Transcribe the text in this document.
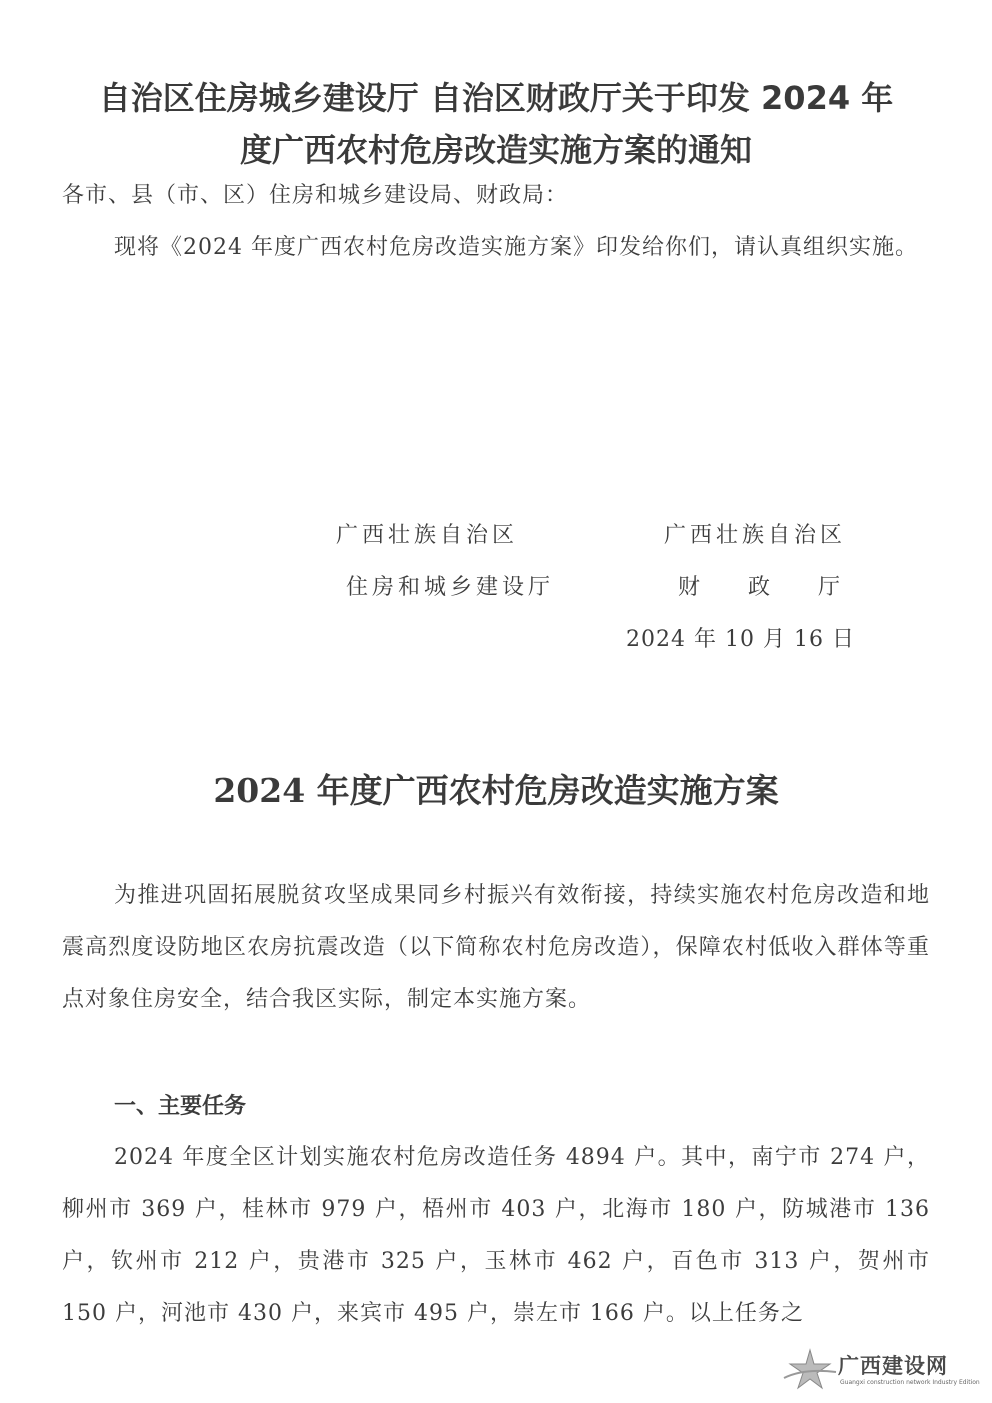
自治区住房城乡建设厅 自治区财政厅关于印发 2024 年
度广西农村危房改造实施方案的通知
各市、县（市、区）住房和城乡建设局、财政局：
现将《2024 年度广西农村危房改造实施方案》印发给你们，请认真组织实施。
广西壮族自治区
住房和城乡建设厅
广西壮族自治区
财    政    厅
2024 年 10 月 16 日
2024 年度广西农村危房改造实施方案
为推进巩固拓展脱贫攻坚成果同乡村振兴有效衔接，持续实施农村危房改造和地震高烈度设防地区农房抗震改造（以下简称农村危房改造），保障农村低收入群体等重点对象住房安全，结合我区实际，制定本实施方案。
一、主要任务
2024 年度全区计划实施农村危房改造任务 4894 户。其中，南宁市 274 户，柳州市 369 户，桂林市 979 户，梧州市 403 户，北海市 180 户，防城港市 136 户，钦州市 212 户，贵港市 325 户，玉林市 462 户，百色市 313 户，贺州市 150 户，河池市 430 户，来宾市 495 户，崇左市 166 户。以上任务之
广西建设网
Guangxi construction network Industry Edition
